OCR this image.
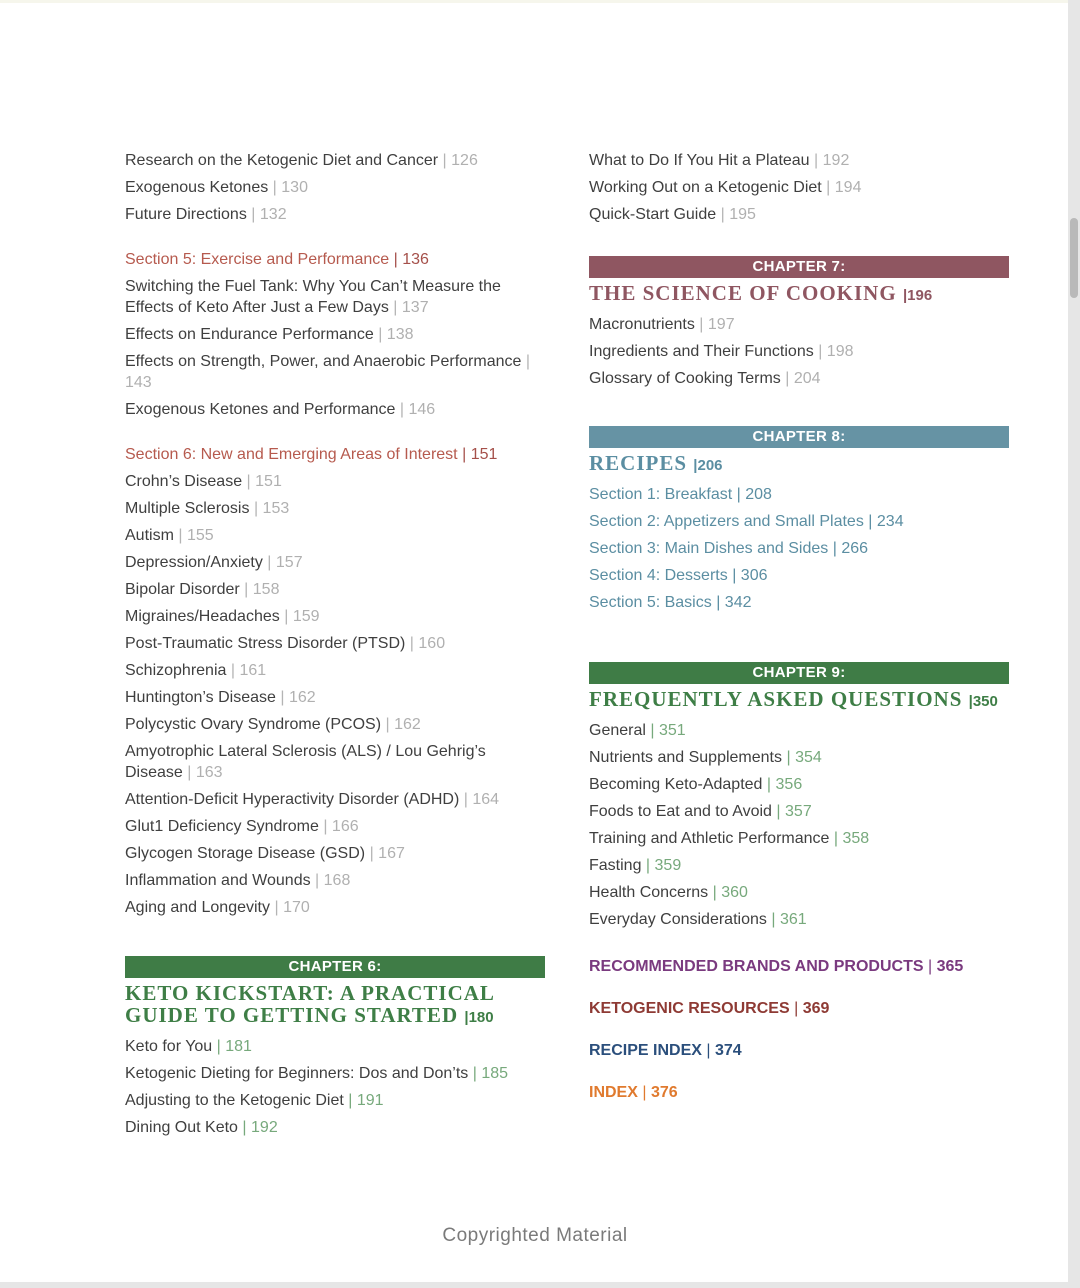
Research on the Ketogenic Diet and Cancer | 126
Exogenous Ketones | 130
Future Directions | 132
Section 5: Exercise and Performance | 136
Switching the Fuel Tank: Why You Can’t Measure the Effects of Keto After Just a Few Days | 137
Effects on Endurance Performance | 138
Effects on Strength, Power, and Anaerobic Performance | 143
Exogenous Ketones and Performance | 146
Section 6: New and Emerging Areas of Interest | 151
Crohn’s Disease | 151
Multiple Sclerosis | 153
Autism | 155
Depression/Anxiety | 157
Bipolar Disorder | 158
Migraines/Headaches | 159
Post-Traumatic Stress Disorder (PTSD) | 160
Schizophrenia | 161
Huntington’s Disease | 162
Polycystic Ovary Syndrome (PCOS) | 162
Amyotrophic Lateral Sclerosis (ALS) / Lou Gehrig’s Disease | 163
Attention-Deficit Hyperactivity Disorder (ADHD) | 164
Glut1 Deficiency Syndrome | 166
Glycogen Storage Disease (GSD) | 167
Inflammation and Wounds | 168
Aging and Longevity | 170
CHAPTER 6:
KETO KICKSTART: A PRACTICAL GUIDE TO GETTING STARTED |180
Keto for You | 181
Ketogenic Dieting for Beginners: Dos and Don’ts | 185
Adjusting to the Ketogenic Diet | 191
Dining Out Keto | 192
What to Do If You Hit a Plateau | 192
Working Out on a Ketogenic Diet | 194
Quick-Start Guide | 195
CHAPTER 7:
THE SCIENCE OF COOKING |196
Macronutrients | 197
Ingredients and Their Functions | 198
Glossary of Cooking Terms | 204
CHAPTER 8:
RECIPES |206
Section 1: Breakfast | 208
Section 2: Appetizers and Small Plates | 234
Section 3: Main Dishes and Sides | 266
Section 4: Desserts | 306
Section 5: Basics | 342
CHAPTER 9:
FREQUENTLY ASKED QUESTIONS |350
General | 351
Nutrients and Supplements | 354
Becoming Keto-Adapted | 356
Foods to Eat and to Avoid | 357
Training and Athletic Performance | 358
Fasting | 359
Health Concerns | 360
Everyday Considerations | 361
RECOMMENDED BRANDS AND PRODUCTS | 365
KETOGENIC RESOURCES | 369
RECIPE INDEX | 374
INDEX | 376
Copyrighted Material
